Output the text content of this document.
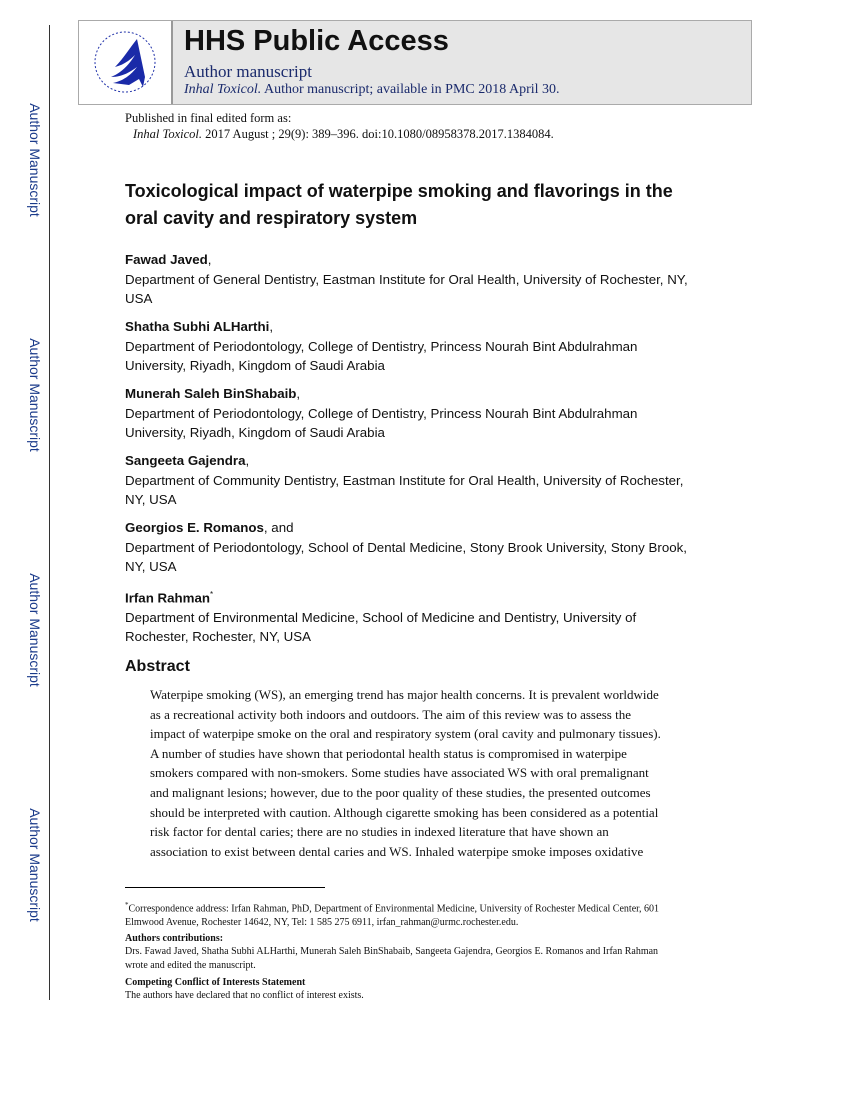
Author Manuscript
Author Manuscript
Author Manuscript
Author Manuscript
HHS Public Access
Author manuscript
Inhal Toxicol. Author manuscript; available in PMC 2018 April 30.
Published in final edited form as:
Inhal Toxicol. 2017 August ; 29(9): 389–396. doi:10.1080/08958378.2017.1384084.
Toxicological impact of waterpipe smoking and flavorings in the
oral cavity and respiratory system
Fawad Javed,
Department of General Dentistry, Eastman Institute for Oral Health, University of Rochester, NY,
USA
Shatha Subhi ALHarthi,
Department of Periodontology, College of Dentistry, Princess Nourah Bint Abdulrahman
University, Riyadh, Kingdom of Saudi Arabia
Munerah Saleh BinShabaib,
Department of Periodontology, College of Dentistry, Princess Nourah Bint Abdulrahman
University, Riyadh, Kingdom of Saudi Arabia
Sangeeta Gajendra,
Department of Community Dentistry, Eastman Institute for Oral Health, University of Rochester,
NY, USA
Georgios E. Romanos, and
Department of Periodontology, School of Dental Medicine, Stony Brook University, Stony Brook,
NY, USA
Irfan Rahman*
Department of Environmental Medicine, School of Medicine and Dentistry, University of
Rochester, Rochester, NY, USA
Abstract
Waterpipe smoking (WS), an emerging trend has major health concerns. It is prevalent worldwide
as a recreational activity both indoors and outdoors. The aim of this review was to assess the
impact of waterpipe smoke on the oral and respiratory system (oral cavity and pulmonary tissues).
A number of studies have shown that periodontal health status is compromised in waterpipe
smokers compared with non-smokers. Some studies have associated WS with oral premalignant
and malignant lesions; however, due to the poor quality of these studies, the presented outcomes
should be interpreted with caution. Although cigarette smoking has been considered as a potential
risk factor for dental caries; there are no studies in indexed literature that have shown an
association to exist between dental caries and WS. Inhaled waterpipe smoke imposes oxidative
*Correspondence address: Irfan Rahman, PhD, Department of Environmental Medicine, University of Rochester Medical Center, 601
Elmwood Avenue, Rochester 14642, NY, Tel: 1 585 275 6911, irfan_rahman@urmc.rochester.edu.
Authors contributions:
Drs. Fawad Javed, Shatha Subhi ALHarthi, Munerah Saleh BinShabaib, Sangeeta Gajendra, Georgios E. Romanos and Irfan Rahman
wrote and edited the manuscript.
Competing Conflict of Interests Statement
The authors have declared that no conflict of interest exists.
